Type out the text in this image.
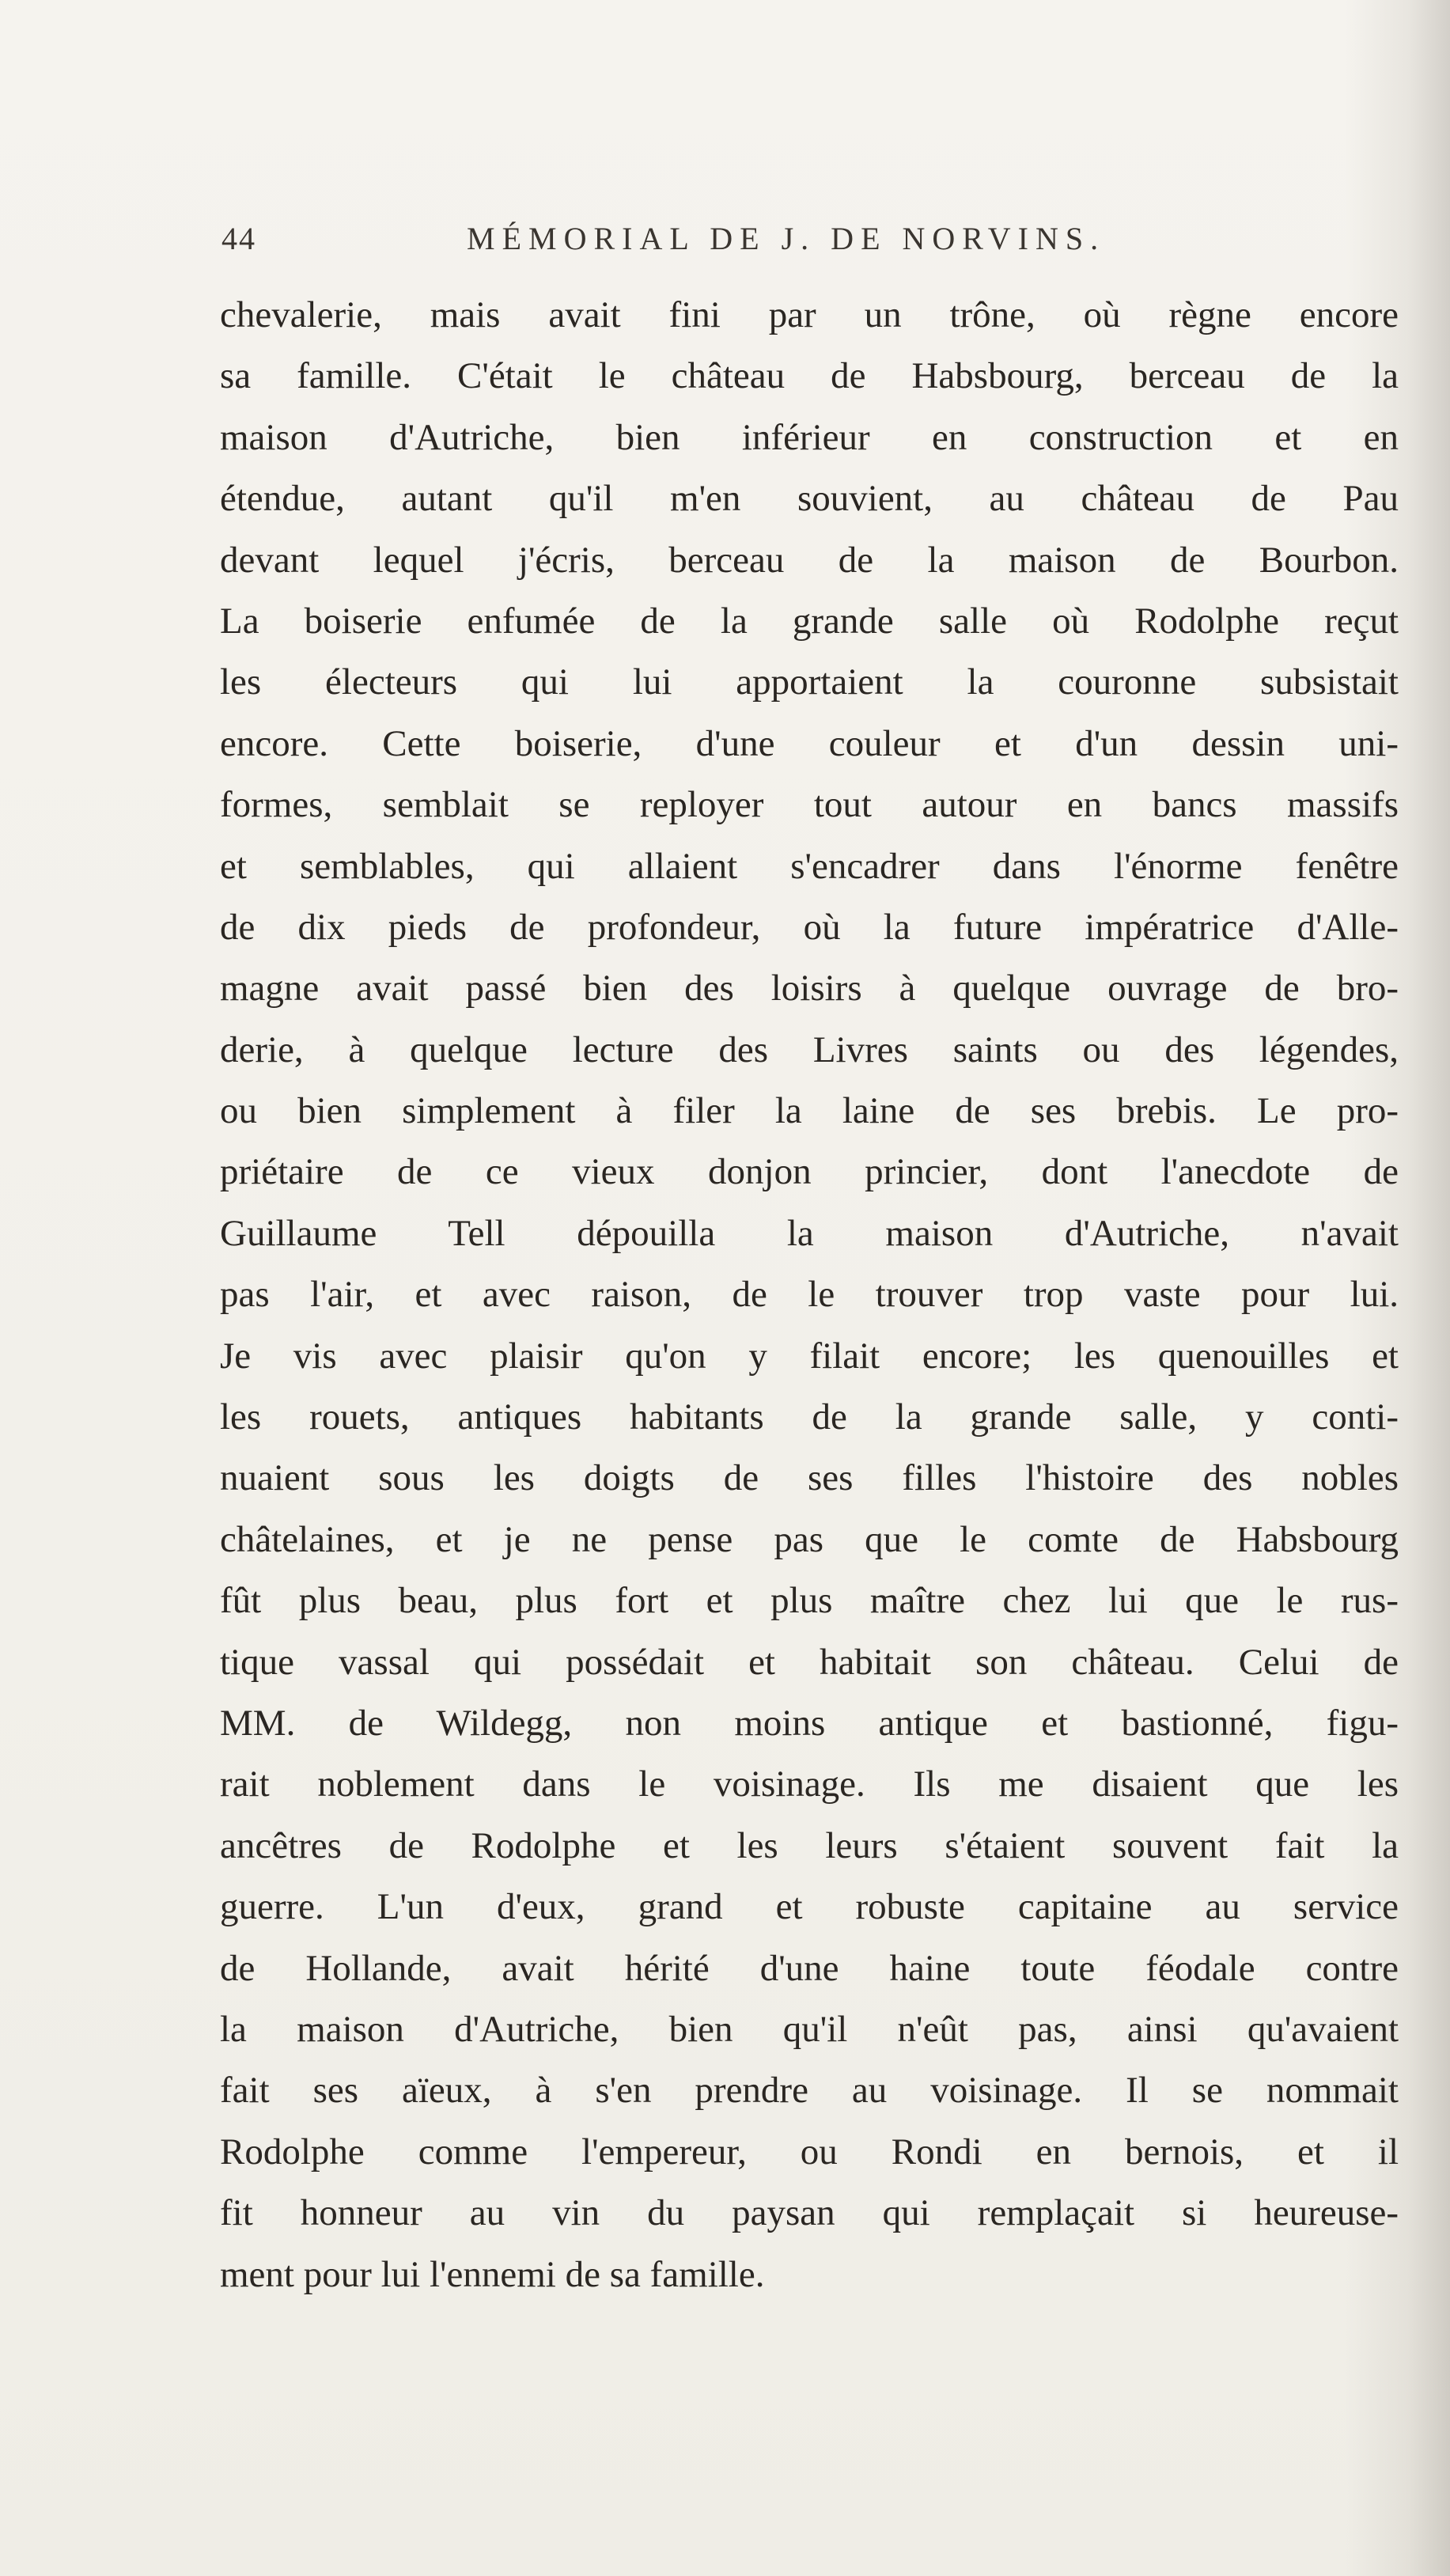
44	MÉMORIAL DE J. DE NORVINS.
chevalerie, mais avait fini par un trône, où règne encore
sa famille. C'était le château de Habsbourg, berceau de la
maison d'Autriche, bien inférieur en construction et en
étendue, autant qu'il m'en souvient, au château de Pau
devant lequel j'écris, berceau de la maison de Bourbon.
La boiserie enfumée de la grande salle où Rodolphe reçut
les électeurs qui lui apportaient la couronne subsistait
encore. Cette boiserie, d'une couleur et d'un dessin uni-
formes, semblait se reployer tout autour en bancs massifs
et semblables, qui allaient s'encadrer dans l'énorme fenêtre
de dix pieds de profondeur, où la future impératrice d'Alle-
magne avait passé bien des loisirs à quelque ouvrage de bro-
derie, à quelque lecture des Livres saints ou des légendes,
ou bien simplement à filer la laine de ses brebis. Le pro-
priétaire de ce vieux donjon princier, dont l'anecdote de
Guillaume Tell dépouilla la maison d'Autriche, n'avait
pas l'air, et avec raison, de le trouver trop vaste pour lui.
Je vis avec plaisir qu'on y filait encore; les quenouilles et
les rouets, antiques habitants de la grande salle, y conti-
nuaient sous les doigts de ses filles l'histoire des nobles
châtelaines, et je ne pense pas que le comte de Habsbourg
fût plus beau, plus fort et plus maître chez lui que le rus-
tique vassal qui possédait et habitait son château. Celui de
MM. de Wildegg, non moins antique et bastionné, figu-
rait noblement dans le voisinage. Ils me disaient que les
ancêtres de Rodolphe et les leurs s'étaient souvent fait la
guerre. L'un d'eux, grand et robuste capitaine au service
de Hollande, avait hérité d'une haine toute féodale contre
la maison d'Autriche, bien qu'il n'eût pas, ainsi qu'avaient
fait ses aïeux, à s'en prendre au voisinage. Il se nommait
Rodolphe comme l'empereur, ou Rondi en bernois, et il
fit honneur au vin du paysan qui remplaçait si heureuse-
ment pour lui l'ennemi de sa famille.
